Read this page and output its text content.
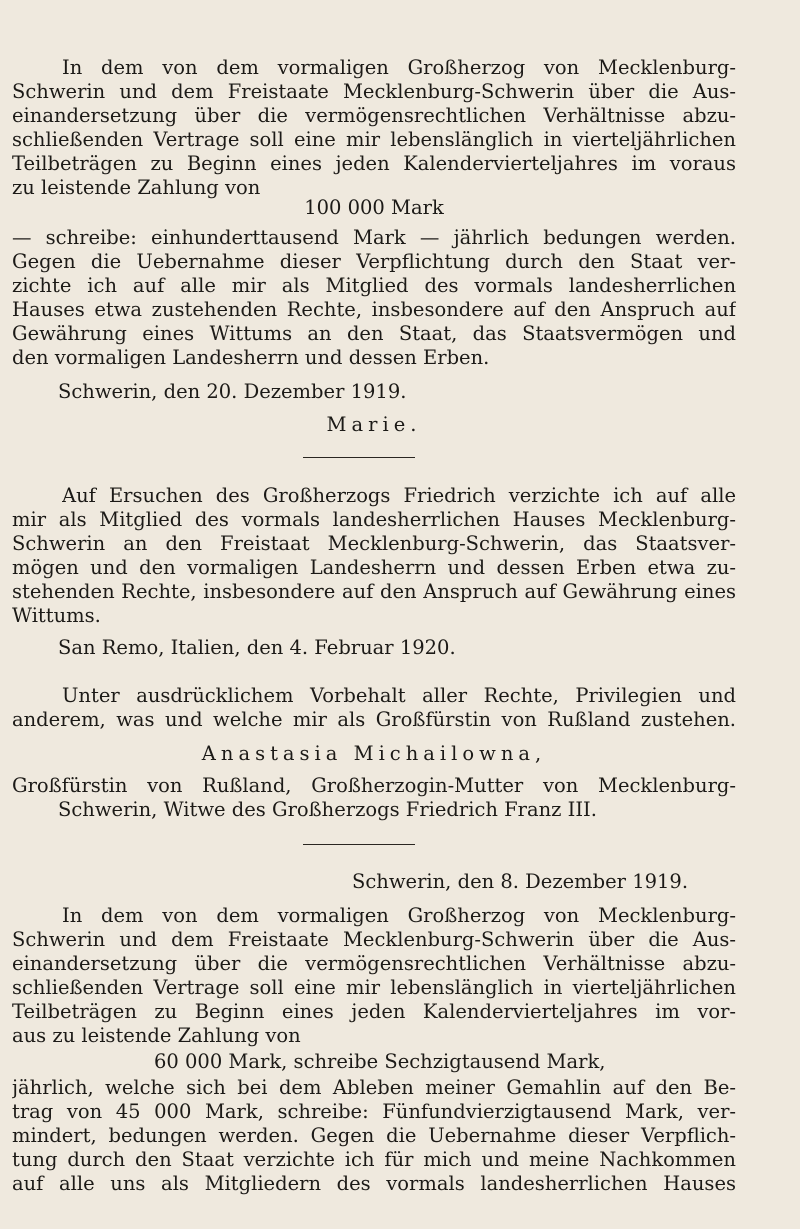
In dem von dem vormaligen Großherzog von Mecklenburg-
Schwerin und dem Freistaate Mecklenburg-Schwerin über die Aus-
einandersetzung über die vermögensrechtlichen Verhältnisse abzu-
schließenden Vertrage soll eine mir lebenslänglich in vierteljährlichen
Teilbeträgen zu Beginn eines jeden Kalendervierteljahres im voraus
zu leistende Zahlung von
100 000 Mark
— schreibe: einhunderttausend Mark — jährlich bedungen werden.
Gegen die Uebernahme dieser Verpflichtung durch den Staat ver-
zichte ich auf alle mir als Mitglied des vormals landesherrlichen
Hauses etwa zustehenden Rechte, insbesondere auf den Anspruch auf
Gewährung eines Wittums an den Staat, das Staatsvermögen und
den vormaligen Landesherrn und dessen Erben.
Schwerin, den 20. Dezember 1919.
Marie.
Auf Ersuchen des Großherzogs Friedrich verzichte ich auf alle
mir als Mitglied des vormals landesherrlichen Hauses Mecklenburg-
Schwerin an den Freistaat Mecklenburg-Schwerin, das Staatsver-
mögen und den vormaligen Landesherrn und dessen Erben etwa zu-
stehenden Rechte, insbesondere auf den Anspruch auf Gewährung eines
Wittums.
San Remo, Italien, den 4. Februar 1920.
Unter ausdrücklichem Vorbehalt aller Rechte, Privilegien und
anderem, was und welche mir als Großfürstin von Rußland zustehen.
Anastasia Michailowna,
Großfürstin von Rußland, Großherzogin-Mutter von Mecklenburg-
Schwerin, Witwe des Großherzogs Friedrich Franz III.
Schwerin, den 8. Dezember 1919.
In dem von dem vormaligen Großherzog von Mecklenburg-
Schwerin und dem Freistaate Mecklenburg-Schwerin über die Aus-
einandersetzung über die vermögensrechtlichen Verhältnisse abzu-
schließenden Vertrage soll eine mir lebenslänglich in vierteljährlichen
Teilbeträgen zu Beginn eines jeden Kalendervierteljahres im vor-
aus zu leistende Zahlung von
60 000 Mark, schreibe Sechzigtausend Mark,
jährlich, welche sich bei dem Ableben meiner Gemahlin auf den Be-
trag von 45 000 Mark, schreibe: Fünfundvierzigtausend Mark, ver-
mindert, bedungen werden. Gegen die Uebernahme dieser Verpflich-
tung durch den Staat verzichte ich für mich und meine Nachkommen
auf alle uns als Mitgliedern des vormals landesherrlichen Hauses
